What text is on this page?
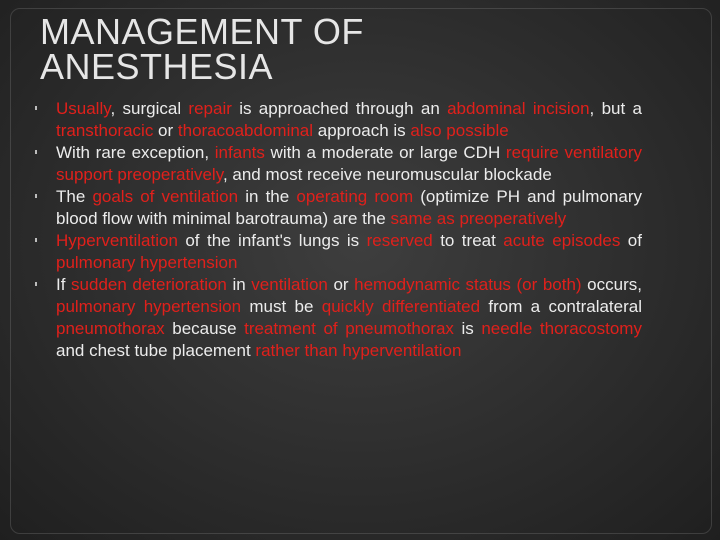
MANAGEMENT OF ANESTHESIA
Usually, surgical repair is approached through an abdominal incision, but a transthoracic or thoracoabdominal approach is also possible
With rare exception, infants with a moderate or large CDH require ventilatory support preoperatively, and most receive neuromuscular blockade
The goals of ventilation in the operating room (optimize PH and pulmonary blood flow with minimal barotrauma) are the same as preoperatively
Hyperventilation of the infant's lungs is reserved to treat acute episodes of pulmonary hypertension
If sudden deterioration in ventilation or hemodynamic status (or both) occurs, pulmonary hypertension must be quickly differentiated from a contralateral pneumothorax because treatment of pneumothorax is needle thoracostomy and chest tube placement rather than hyperventilation
